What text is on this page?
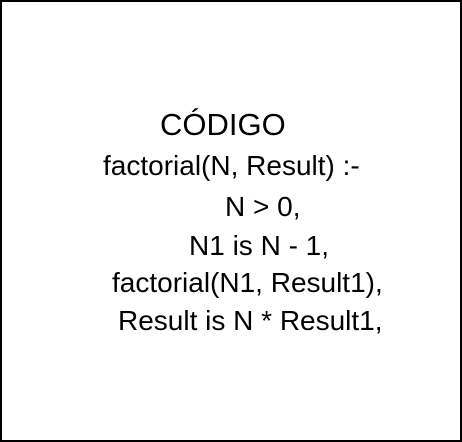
CÓDIGO
factorial(N, Result) :-
N > 0,
N1 is N - 1,
factorial(N1, Result1),
Result is N * Result1,
